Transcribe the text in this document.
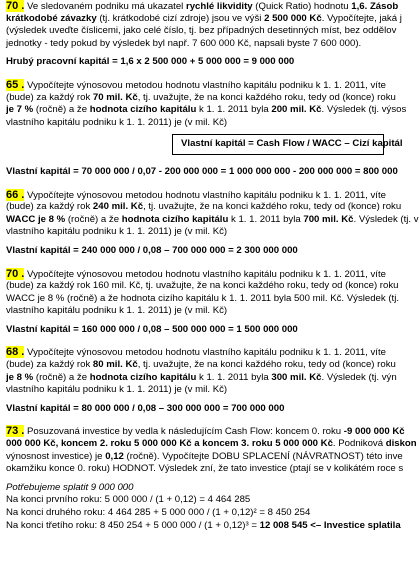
70 . Ve sledovaném podniku má ukazatel rychlé likvidity (Quick Ratio) hodnotu 1,6. Zásob
krátkodobé závazky (tj. krátkodobé cizí zdroje) jsou ve výši 2 500 000 Kč. Vypočítejte, jaká j
(výsledek uveďte číslicemi, jako celé číslo, tj. bez případných desetinných míst, bez oddělov
jednotky - tedy pokud by výsledek byl např. 7 600 000 Kč, napsali byste 7 600 000).
Hrubý pracovní kapitál = 1,6 x 2 500 000 + 5 000 000 = 9 000 000
65 . Vypočítejte výnosovou metodou hodnotu vlastního kapitálu podniku k 1. 1. 2011, víte
(bude) za každý rok 70 mil. Kč, tj. uvažujte, že na konci každého roku, tedy od (konce) roku
je 7 % (ročně) a že hodnota cizího kapitálu k 1. 1. 2011 byla 200 mil. Kč. Výsledek (tj. výsos
vlastního kapitálu podniku k 1. 1. 2011) je (v mil. Kč)
Vlastní kapitál = Cash Flow / WACC – Cizí kapitál
Vlastní kapitál = 70 000 000 / 0,07 - 200 000 000 = 1 000 000 000 - 200 000 000 = 800 000
66 . Vypočítejte výnosovou metodou hodnotu vlastního kapitálu podniku k 1. 1. 2011, víte
(bude) za každý rok 240 mil. Kč, tj. uvažujte, že na konci každého roku, tedy od (konce) roku
WACC je 8 % (ročně) a že hodnota cizího kapitálu k 1. 1. 2011 byla 700 mil. Kč. Výsledek (tj. v
vlastního kapitálu podniku k 1. 1. 2011) je (v mil. Kč)
Vlastní kapitál = 240 000 000 / 0,08 – 700 000 000 = 2 300 000 000
70 . Vypočítejte výnosovou metodou hodnotu vlastního kapitálu podniku k 1. 1. 2011, víte
(bude) za každý rok 160 mil. Kč, tj. uvažujte, že na konci každého roku, tedy od (konce) roku
WACC je 8 % (ročně) a že hodnota cizího kapitálu k 1. 1. 2011 byla 500 mil. Kč. Výsledek (tj.
vlastního kapitálu podniku k 1. 1. 2011) je (v mil. Kč)
Vlastní kapitál = 160 000 000 / 0,08 – 500 000 000 = 1 500 000 000
68 . Vypočítejte výnosovou metodou hodnotu vlastního kapitálu podniku k 1. 1. 2011, víte
(bude) za každý rok 80 mil. Kč, tj. uvažujte, že na konci každého roku, tedy od (konce) roku
je 8 % (ročně) a že hodnota cizího kapitálu k 1. 1. 2011 byla 300 mil. Kč. Výsledek (tj. výn
vlastního kapitálu podniku k 1. 1. 2011) je (v mil. Kč)
Vlastní kapitál = 80 000 000 / 0,08 – 300 000 000 = 700 000 000
73 . Posuzovaná investice by vedla k následujícím Cash Flow: koncem 0. roku -9 000 000 Kč
000 000 Kč, koncem 2. roku 5 000 000 Kč a koncem 3. roku 5 000 000 Kč. Podniková diskon
výnosnost investice) je 0,12 (ročně). Vypočítejte DOBU SPLACENÍ (NÁVRATNOST) této inve
okamžiku konce 0. roku) HODNOT. Výsledek zní, že tato investice (ptají se v kolikátém roce s
Potřebujeme splatit 9 000 000
Na konci prvního roku: 5 000 000 / (1 + 0,12) = 4 464 285
Na konci druhého roku: 4 464 285 + 5 000 000 / (1 + 0,12)² = 8 450 254
Na konci třetího roku: 8 450 254 + 5 000 000 / (1 + 0,12)³ = 12 008 545 <– Investice splatila
